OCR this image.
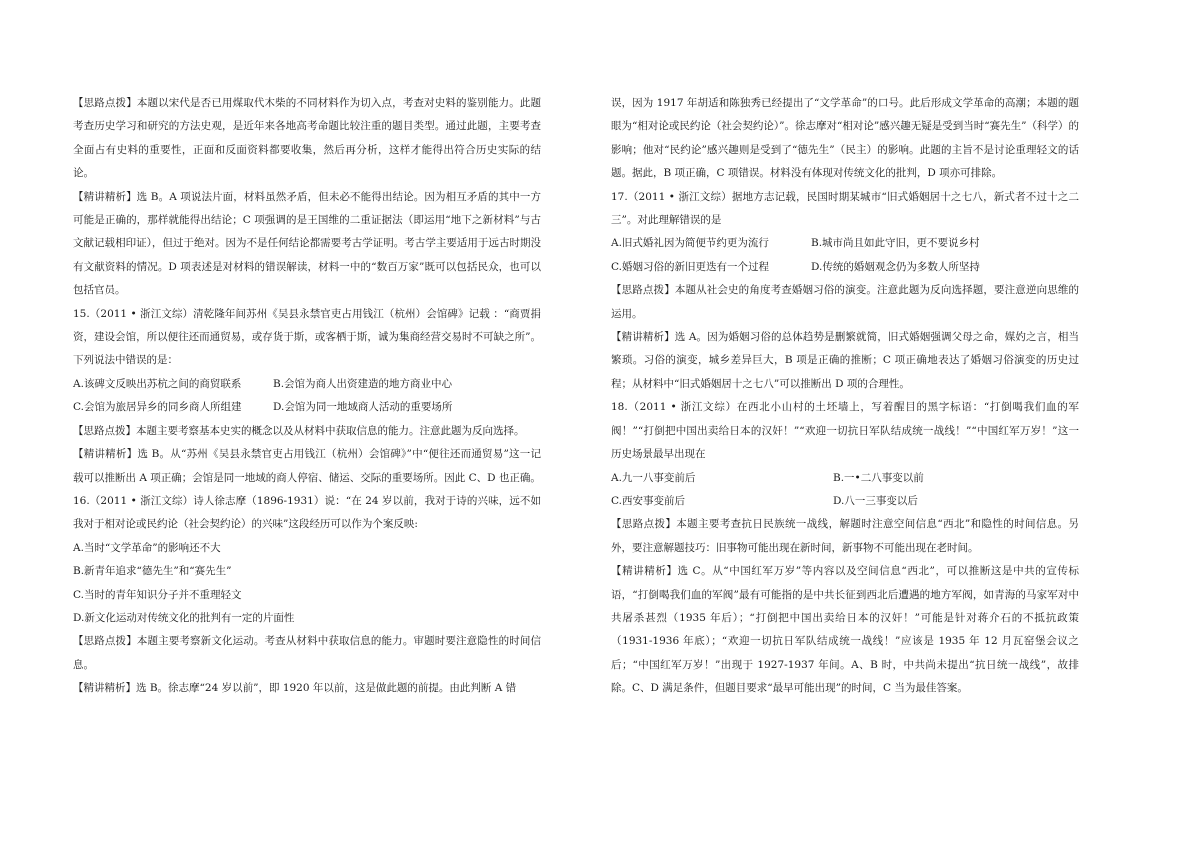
【思路点拨】本题以宋代是否已用煤取代木柴的不同材料作为切入点，考查对史料的鉴别能力。此题考查历史学习和研究的方法史观，是近年来各地高考命题比较注重的题目类型。通过此题，主要考查全面占有史料的重要性，正面和反面资料都要收集，然后再分析，这样才能得出符合历史实际的结论。

【精讲精析】选 B。A 项说法片面，材料虽然矛盾，但未必不能得出结论。因为相互矛盾的其中一方可能是正确的，那样就能得出结论；C 项强调的是王国维的二重证据法（即运用“地下之新材料”与古文献记载相印证），但过于绝对。因为不是任何结论都需要考古学证明。考古学主要适用于远古时期没有文献资料的情况。D 项表述是对材料的错误解读，材料一中的“数百万家”既可以包括民众，也可以包括官员。

15.（2011 • 浙江文综）清乾隆年间苏州《吴县永禁官吏占用钱江（杭州）会馆碑》记载 ：“商贾捐资，建设会馆，所以便往还而通贸易，或存货于斯，或客栖于斯，诚为集商经营交易时不可缺之所”。下列说法中错误的是：

A.该碑文反映出苏杭之间的商贸联系	B.会馆为商人出资建造的地方商业中心
C.会馆为旅居异乡的同乡商人所组建	D.会馆为同一地域商人活动的重要场所

【思路点拨】本题主要考察基本史实的概念以及从材料中获取信息的能力。注意此题为反向选择。

【精讲精析】选 B。从“苏州《吴县永禁官吏占用钱江（杭州）会馆碑》”中“便往还而通贸易”这一记载可以推断出 A 项正确；会馆是同一地域的商人停宿、储运、交际的重要场所。因此 C、D 也正确。

16.（2011 • 浙江文综）诗人徐志摩（1896-1931）说：“在 24 岁以前，我对于诗的兴味，远不如我对于相对论或民约论（社会契约论）的兴味”这段经历可以作为个案反映:

A.当时“文学革命”的影响还不大

B.新青年追求“德先生”和“赛先生”

C.当时的青年知识分子并不重理轻文

D.新文化运动对传统文化的批判有一定的片面性

【思路点拨】本题主要考察新文化运动。考查从材料中获取信息的能力。审题时要注意隐性的时间信息。

【精讲精析】选 B。徐志摩“24 岁以前”，即 1920 年以前，这是做此题的前提。由此判断 A 错

误，因为 1917 年胡适和陈独秀已经提出了“文学革命”的口号。此后形成文学革命的高潮；本题的题眼为“相对论或民约论（社会契约论）”。徐志摩对“相对论”感兴趣无疑是受到当时“赛先生”（科学）的影响；他对“民约论”感兴趣则是受到了“德先生”（民主）的影响。此题的主旨不是讨论重理轻文的话题。据此，B 项正确，C 项错误。材料没有体现对传统文化的批判，D 项亦可排除。

17.（2011 • 浙江文综）据地方志记载，民国时期某城市“旧式婚姻居十之七八，新式者不过十之二三”。对此理解错误的是

A.旧式婚礼因为简便节约更为流行	B.城市尚且如此守旧，更不要说乡村
C.婚姻习俗的新旧更迭有一个过程	D.传统的婚姻观念仍为多数人所坚持

【思路点拨】本题从社会史的角度考查婚姻习俗的演变。注意此题为反向选择题，要注意逆向思维的运用。

【精讲精析】选 A。因为婚姻习俗的总体趋势是删繁就简，旧式婚姻强调父母之命，媒妁之言，相当繁琐。习俗的演变，城乡差异巨大，B 项是正确的推断；C 项正确地表达了婚姻习俗演变的历史过程；从材料中“旧式婚姻居十之七八”可以推断出 D 项的合理性。

18.（2011 • 浙江文综）在西北小山村的土坯墙上，写着醒目的黑字标语：“打倒喝我们血的军阀！”“打倒把中国出卖给日本的汉奸！”“欢迎一切抗日军队结成统一战线！”“中国红军万岁！”这一历史场景最早出现在

A.九一八事变前后	B.一•二八事变以前
C.西安事变前后	D.八一三事变以后

【思路点拨】本题主要考查抗日民族统一战线，解题时注意空间信息“西北”和隐性的时间信息。另外，要注意解题技巧：旧事物可能出现在新时间，新事物不可能出现在老时间。

【精讲精析】选 C。从“中国红军万岁”等内容以及空间信息“西北”，可以推断这是中共的宣传标语，“打倒喝我们血的军阀”最有可能指的是中共长征到西北后遭遇的地方军阀，如青海的马家军对中共屠杀甚烈（1935 年后）；“打倒把中国出卖给日本的汉奸！”可能是针对蒋介石的不抵抗政策（1931-1936 年底）；“欢迎一切抗日军队结成统一战线！”应该是 1935 年 12 月瓦窑堡会议之后；“中国红军万岁！”出现于 1927-1937 年间。A、B 时，中共尚未提出“抗日统一战线”，故排除。C、D 满足条件，但题目要求“最早可能出现”的时间，C 当为最佳答案。
